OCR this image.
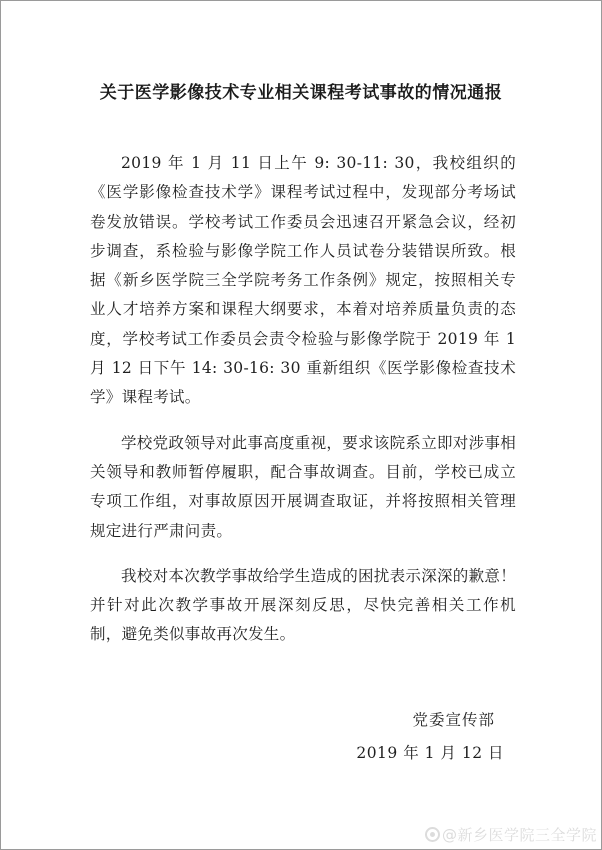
关于医学影像技术专业相关课程考试事故的情况通报

2019 年 1 月 11 日上午 9: 30-11: 30，我校组织的《医学影像检查技术学》课程考试过程中，发现部分考场试卷发放错误。学校考试工作委员会迅速召开紧急会议，经初步调查，系检验与影像学院工作人员试卷分装错误所致。根据《新乡医学院三全学院考务工作条例》规定，按照相关专业人才培养方案和课程大纲要求，本着对培养质量负责的态度，学校考试工作委员会责令检验与影像学院于 2019 年 1 月 12 日下午 14: 30-16: 30 重新组织《医学影像检查技术学》课程考试。

学校党政领导对此事高度重视，要求该院系立即对涉事相关领导和教师暂停履职，配合事故调查。目前，学校已成立专项工作组，对事故原因开展调查取证，并将按照相关管理规定进行严肃问责。

我校对本次教学事故给学生造成的困扰表示深深的歉意！并针对此次教学事故开展深刻反思，尽快完善相关工作机制，避免类似事故再次发生。

党委宣传部
2019 年 1 月 12 日
@新乡医学院三全学院
